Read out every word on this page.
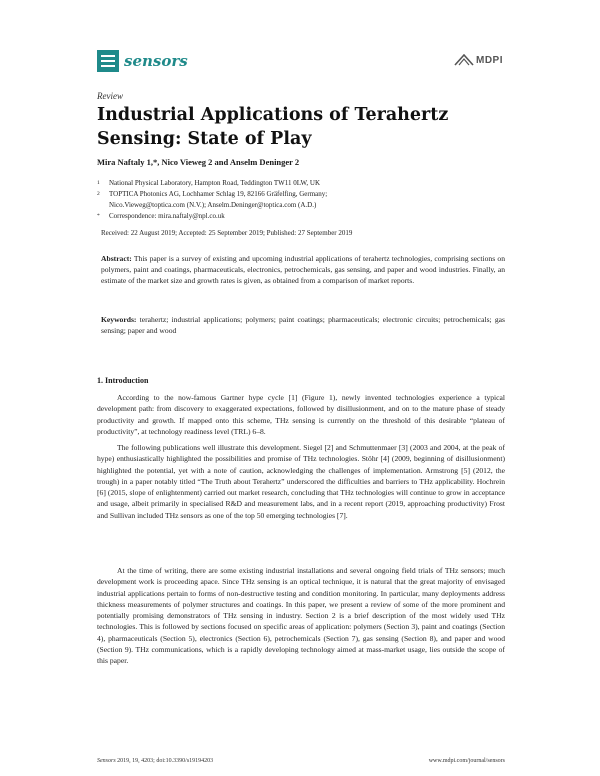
sensors	MDPI
Review
Industrial Applications of Terahertz Sensing: State of Play
Mira Naftaly 1,*, Nico Vieweg 2 and Anselm Deninger 2
1 National Physical Laboratory, Hampton Road, Teddington TW11 0LW, UK
2 TOPTICA Photonics AG, Lochhamer Schlag 19, 82166 Gräfelfing, Germany;
Nico.Vieweg@toptica.com (N.V.); Anselm.Deninger@toptica.com (A.D.)
* Correspondence: mira.naftaly@npl.co.uk
Received: 22 August 2019; Accepted: 25 September 2019; Published: 27 September 2019
Abstract: This paper is a survey of existing and upcoming industrial applications of terahertz technologies, comprising sections on polymers, paint and coatings, pharmaceuticals, electronics, petrochemicals, gas sensing, and paper and wood industries. Finally, an estimate of the market size and growth rates is given, as obtained from a comparison of market reports.
Keywords: terahertz; industrial applications; polymers; paint coatings; pharmaceuticals; electronic circuits; petrochemicals; gas sensing; paper and wood
1. Introduction
According to the now-famous Gartner hype cycle [1] (Figure 1), newly invented technologies experience a typical development path: from discovery to exaggerated expectations, followed by disillusionment, and on to the mature phase of steady productivity and growth. If mapped onto this scheme, THz sensing is currently on the threshold of this desirable “plateau of productivity”, at technology readiness level (TRL) 6–8.
The following publications well illustrate this development. Siegel [2] and Schmuttenmaer [3] (2003 and 2004, at the peak of hype) enthusiastically highlighted the possibilities and promise of THz technologies. Stöhr [4] (2009, beginning of disillusionment) highlighted the potential, yet with a note of caution, acknowledging the challenges of implementation. Armstrong [5] (2012, the trough) in a paper notably titled “The Truth about Terahertz” underscored the difficulties and barriers to THz applicability. Hochrein [6] (2015, slope of enlightenment) carried out market research, concluding that THz technologies will continue to grow in acceptance and usage, albeit primarily in specialised R&D and measurement labs, and in a recent report (2019, approaching productivity) Frost and Sullivan included THz sensors as one of the top 50 emerging technologies [7].
At the time of writing, there are some existing industrial installations and several ongoing field trials of THz sensors; much development work is proceeding apace. Since THz sensing is an optical technique, it is natural that the great majority of envisaged industrial applications pertain to forms of non-destructive testing and condition monitoring. In particular, many deployments address thickness measurements of polymer structures and coatings. In this paper, we present a review of some of the more prominent and potentially promising demonstrators of THz sensing in industry. Section 2 is a brief description of the most widely used THz technologies. This is followed by sections focused on specific areas of application: polymers (Section 3), paint and coatings (Section 4), pharmaceuticals (Section 5), electronics (Section 6), petrochemicals (Section 7), gas sensing (Section 8), and paper and wood (Section 9). THz communications, which is a rapidly developing technology aimed at mass-market usage, lies outside the scope of this paper.
Sensors 2019, 19, 4203; doi:10.3390/s19194203	www.mdpi.com/journal/sensors
